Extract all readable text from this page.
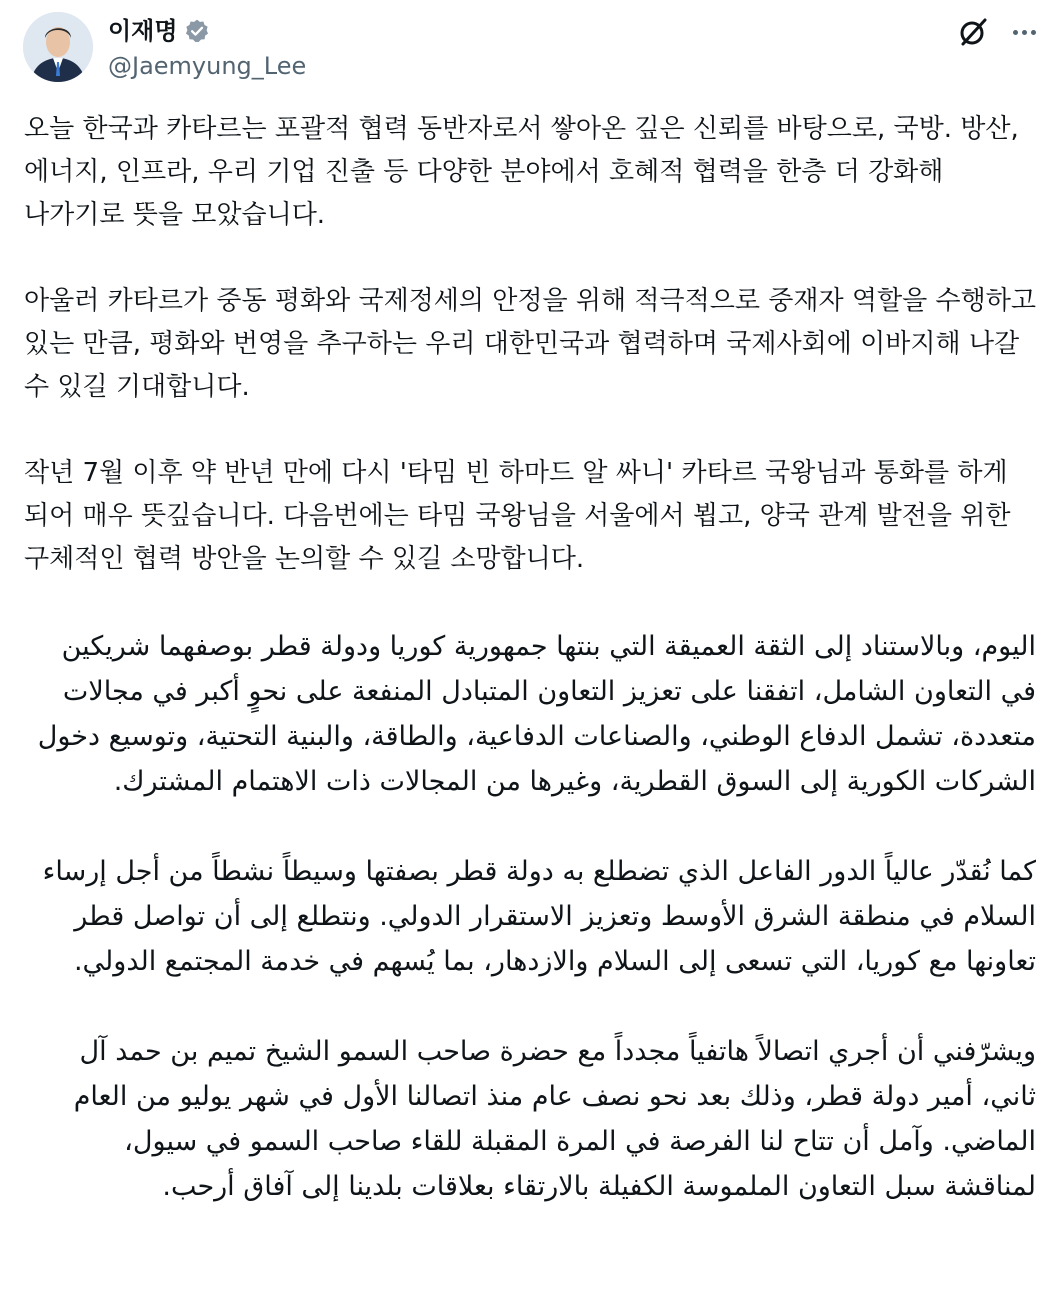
이재명
@Jaemyung_Lee

오늘 한국과 카타르는 포괄적 협력 동반자로서 쌓아온 깊은 신뢰를 바탕으로, 국방. 방산, 에너지, 인프라, 우리 기업 진출 등 다양한 분야에서 호혜적 협력을 한층 더 강화해 나가기로 뜻을 모았습니다.

아울러 카타르가 중동 평화와 국제정세의 안정을 위해 적극적으로 중재자 역할을 수행하고 있는 만큼, 평화와 번영을 추구하는 우리 대한민국과 협력하며 국제사회에 이바지해 나갈 수 있길 기대합니다.

작년 7월 이후 약 반년 만에 다시 '타밈 빈 하마드 알 싸니' 카타르 국왕님과 통화를 하게 되어 매우 뜻깊습니다. 다음번에는 타밈 국왕님을 서울에서 뵙고, 양국 관계 발전을 위한 구체적인 협력 방안을 논의할 수 있길 소망합니다.

اليوم، وبالاستناد إلى الثقة العميقة التي بنتها جمهورية كوريا ودولة قطر بوصفهما شريكين في التعاون الشامل، اتفقنا على تعزيز التعاون المتبادل المنفعة على نحوٍ أكبر في مجالات متعددة، تشمل الدفاع الوطني، والصناعات الدفاعية، والطاقة، والبنية التحتية، وتوسيع دخول الشركات الكورية إلى السوق القطرية، وغيرها من المجالات ذات الاهتمام المشترك.

كما نُقدّر عالياً الدور الفاعل الذي تضطلع به دولة قطر بصفتها وسيطاً نشطاً من أجل إرساء السلام في منطقة الشرق الأوسط وتعزيز الاستقرار الدولي. ونتطلع إلى أن تواصل قطر تعاونها مع كوريا، التي تسعى إلى السلام والازدهار، بما يُسهم في خدمة المجتمع الدولي.

ويشرّفني أن أجري اتصالاً هاتفياً مجدداً مع حضرة صاحب السمو الشيخ تميم بن حمد آل ثاني، أمير دولة قطر، وذلك بعد نحو نصف عام منذ اتصالنا الأول في شهر يوليو من العام الماضي. وآمل أن تتاح لنا الفرصة في المرة المقبلة للقاء صاحب السمو في سيول، لمناقشة سبل التعاون الملموسة الكفيلة بالارتقاء بعلاقات بلدينا إلى آفاق أرحب.
